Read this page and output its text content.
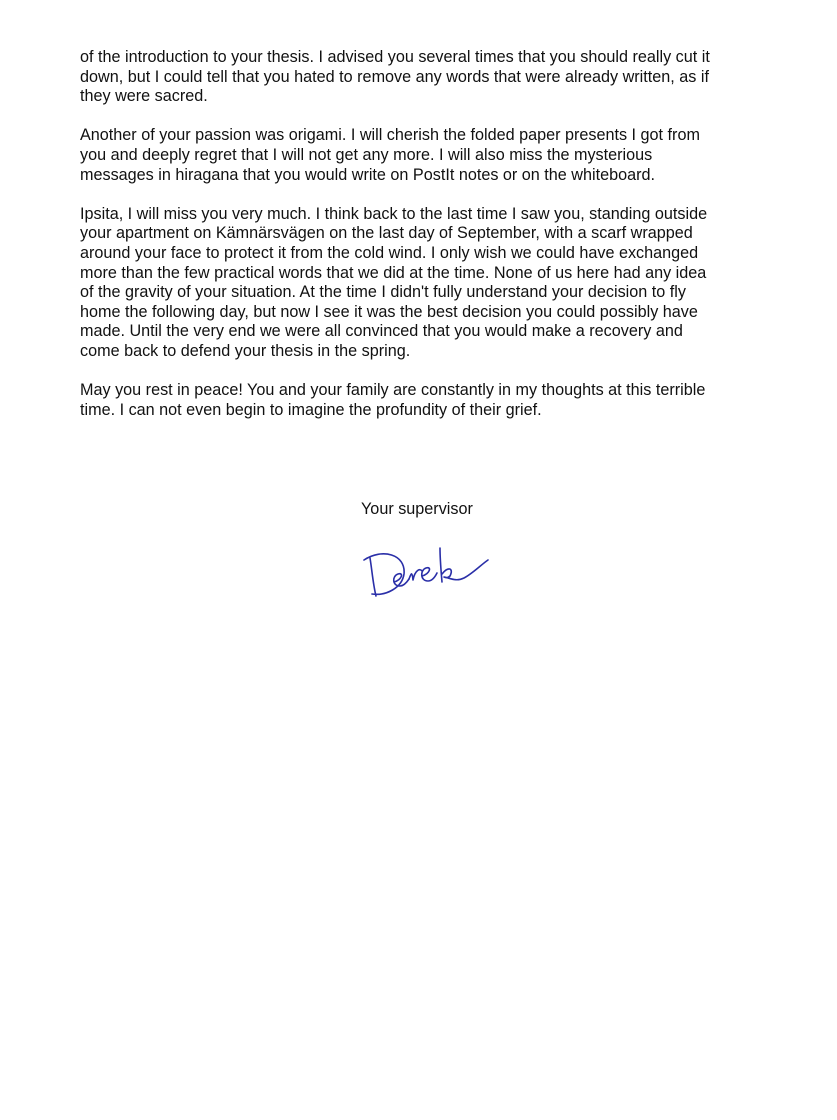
of the introduction to your thesis. I advised you several times that you should really cut it
down, but I could tell that you hated to remove any words that were already written, as if
they were sacred.

Another of your passion was origami. I will cherish the folded paper presents I got from
you and deeply regret that I will not get any more. I will also miss the mysterious
messages in hiragana that you would write on PostIt notes or on the whiteboard.

Ipsita, I will miss you very much. I think back to the last time I saw you, standing outside
your apartment on Kämnärsvägen on the last day of September, with a scarf wrapped
around your face to protect it from the cold wind. I only wish we could have exchanged
more than the few practical words that we did at the time. None of us here had any idea
of the gravity of your situation. At the time I didn't fully understand your decision to fly
home the following day, but now I see it was the best decision you could possibly have
made. Until the very end we were all convinced that you would make a recovery and
come back to defend your thesis in the spring.

May you rest in peace! You and your family are constantly in my thoughts at this terrible
time. I can not even begin to imagine the profundity of their grief.

Your supervisor
